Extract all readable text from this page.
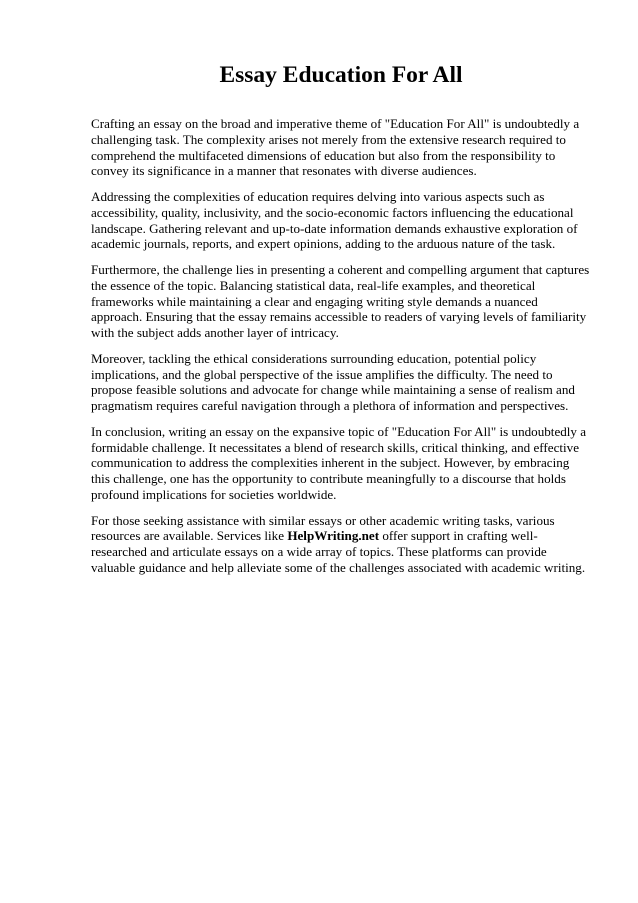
Essay Education For All

Crafting an essay on the broad and imperative theme of "Education For All" is undoubtedly a challenging task. The complexity arises not merely from the extensive research required to comprehend the multifaceted dimensions of education but also from the responsibility to convey its significance in a manner that resonates with diverse audiences.

Addressing the complexities of education requires delving into various aspects such as accessibility, quality, inclusivity, and the socio-economic factors influencing the educational landscape. Gathering relevant and up-to-date information demands exhaustive exploration of academic journals, reports, and expert opinions, adding to the arduous nature of the task.

Furthermore, the challenge lies in presenting a coherent and compelling argument that captures the essence of the topic. Balancing statistical data, real-life examples, and theoretical frameworks while maintaining a clear and engaging writing style demands a nuanced approach. Ensuring that the essay remains accessible to readers of varying levels of familiarity with the subject adds another layer of intricacy.

Moreover, tackling the ethical considerations surrounding education, potential policy implications, and the global perspective of the issue amplifies the difficulty. The need to propose feasible solutions and advocate for change while maintaining a sense of realism and pragmatism requires careful navigation through a plethora of information and perspectives.

In conclusion, writing an essay on the expansive topic of "Education For All" is undoubtedly a formidable challenge. It necessitates a blend of research skills, critical thinking, and effective communication to address the complexities inherent in the subject. However, by embracing this challenge, one has the opportunity to contribute meaningfully to a discourse that holds profound implications for societies worldwide.

For those seeking assistance with similar essays or other academic writing tasks, various resources are available. Services like HelpWriting.net offer support in crafting well-researched and articulate essays on a wide array of topics. These platforms can provide valuable guidance and help alleviate some of the challenges associated with academic writing.
